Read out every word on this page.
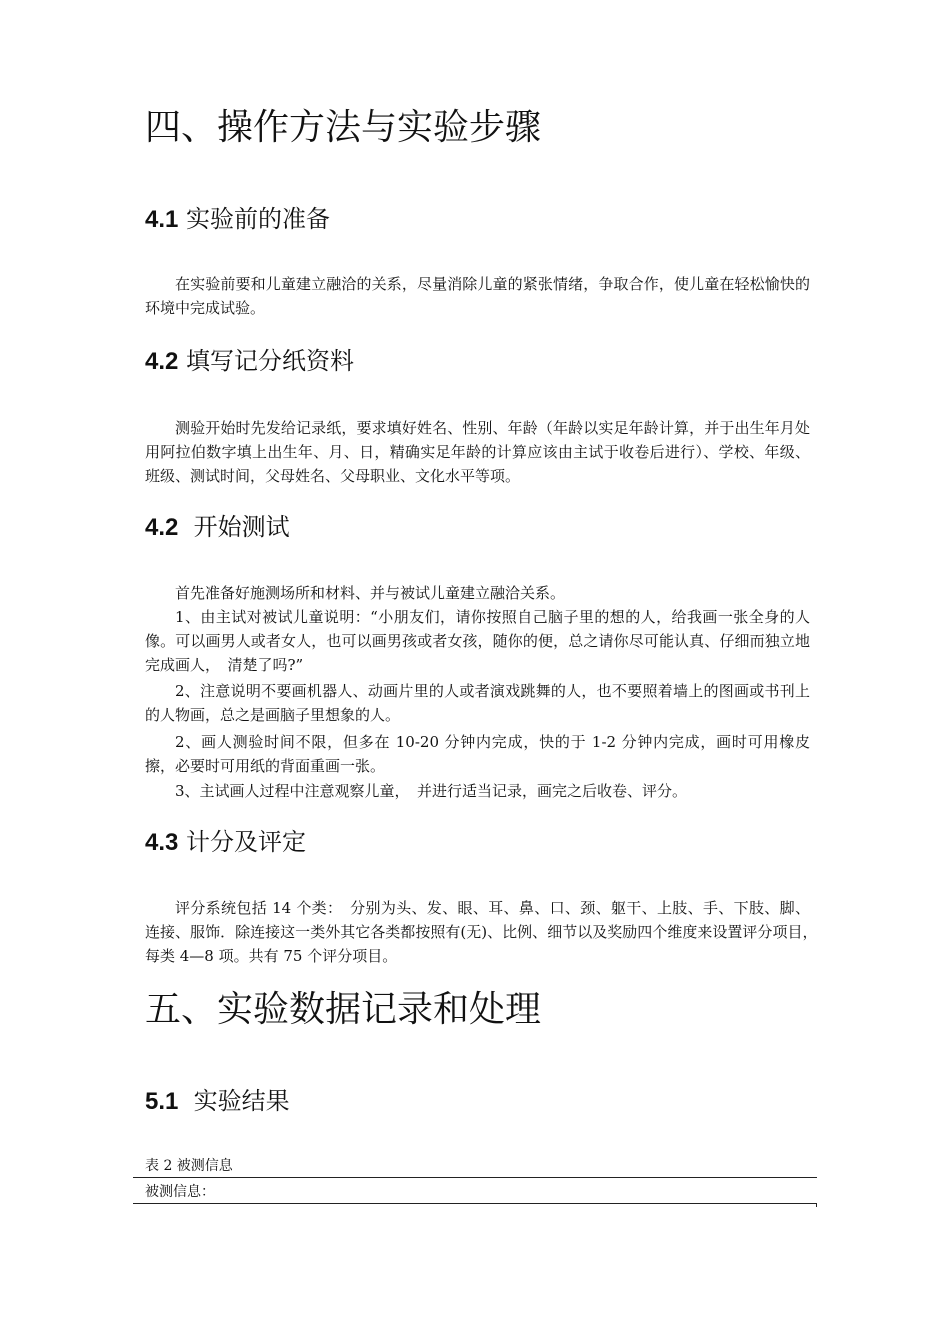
四、操作方法与实验步骤
4.1 实验前的准备

在实验前要和儿童建立融洽的关系，尽量消除儿童的紧张情绪，争取合作，使儿童在轻松愉快的环境中完成试验。

4.2 填写记分纸资料

测验开始时先发给记录纸，要求填好姓名、性别、年龄（年龄以实足年龄计算，并于出生年月处用阿拉伯数字填上出生年、月、日，精确实足年龄的计算应该由主试于收卷后进行）、学校、年级、班级、测试时间，父母姓名、父母职业、文化水平等项。

4.2 开始测试

首先准备好施测场所和材料、并与被试儿童建立融洽关系。

1、由主试对被试儿童说明：“小朋友们，请你按照自己脑子里的想的人，给我画一张全身的人像。可以画男人或者女人，也可以画男孩或者女孩，随你的便，总之请你尽可能认真、仔细而独立地完成画人，　清楚了吗?”

2、注意说明不要画机器人、动画片里的人或者演戏跳舞的人，也不要照着墙上的图画或书刊上的人物画，总之是画脑子里想象的人。

2、画人测验时间不限，但多在 10-20 分钟内完成，快的于 1-2 分钟内完成，画时可用橡皮擦，必要时可用纸的背面重画一张。

3、主试画人过程中注意观察儿童，　并进行适当记录，画完之后收卷、评分。

4.3 计分及评定

评分系统包括 14 个类：　分别为头、发、眼、耳、鼻、口、颈、躯干、上肢、手、下肢、脚、连接、服饰．除连接这一类外其它各类都按照有(无)、比例、细节以及奖励四个维度来设置评分项目，　每类 4—8 项。共有 75 个评分项目。

五、实验数据记录和处理
5.1 实验结果
表 2 被测信息
被测信息：
